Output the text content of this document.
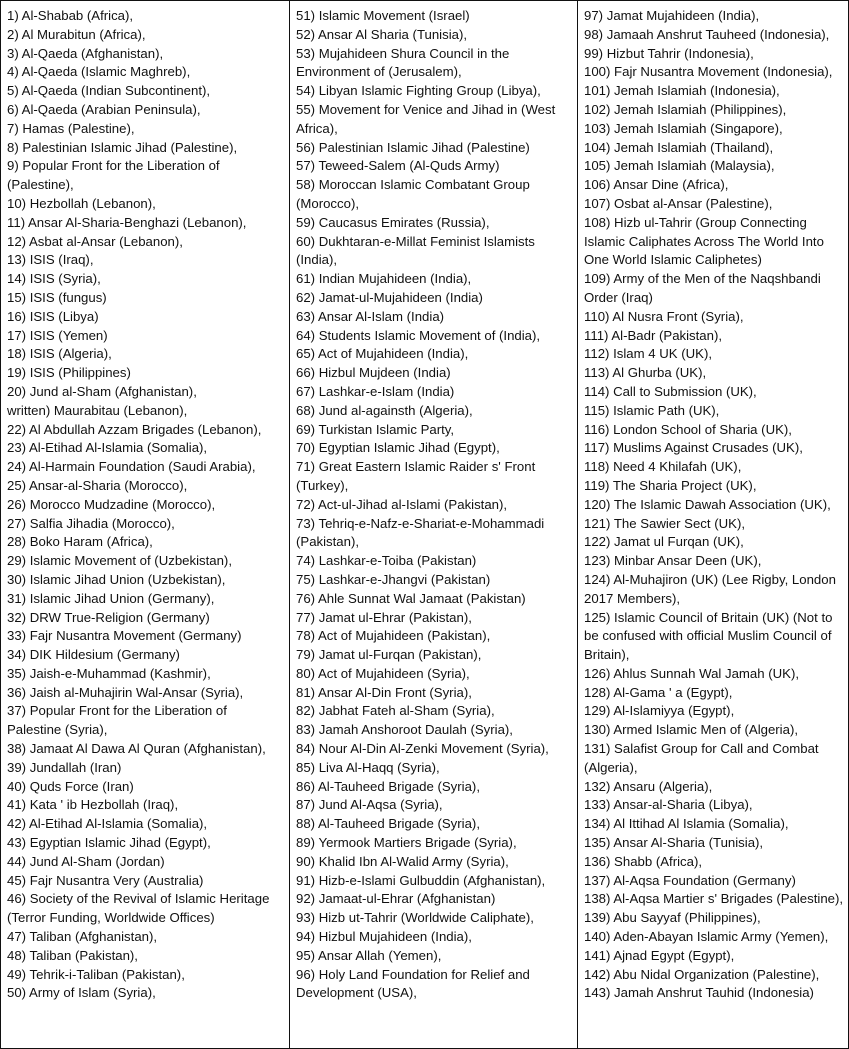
1) Al-Shabab (Africa),
2) Al Murabitun (Africa),
3) Al-Qaeda (Afghanistan),
4) Al-Qaeda (Islamic Maghreb),
5) Al-Qaeda (Indian Subcontinent),
6) Al-Qaeda (Arabian Peninsula),
7) Hamas (Palestine),
8) Palestinian Islamic Jihad (Palestine),
9) Popular Front for the Liberation of (Palestine),
10) Hezbollah (Lebanon),
11) Ansar Al-Sharia-Benghazi (Lebanon),
12) Asbat al-Ansar (Lebanon),
13) ISIS (Iraq),
14) ISIS (Syria),
15) ISIS (fungus)
16) ISIS (Libya)
17) ISIS (Yemen)
18) ISIS (Algeria),
19) ISIS (Philippines)
20) Jund al-Sham (Afghanistan),
written) Maurabitau (Lebanon),
22) Al Abdullah Azzam Brigades (Lebanon),
23) Al-Etihad Al-Islamia (Somalia),
24) Al-Harmain Foundation (Saudi Arabia),
25) Ansar-al-Sharia (Morocco),
26) Morocco Mudzadine (Morocco),
27) Salfia Jihadia (Morocco),
28) Boko Haram (Africa),
29) Islamic Movement of (Uzbekistan),
30) Islamic Jihad Union (Uzbekistan),
31) Islamic Jihad Union (Germany),
32) DRW True-Religion (Germany)
33) Fajr Nusantra Movement (Germany)
34) DIK Hildesium (Germany)
35) Jaish-e-Muhammad (Kashmir),
36) Jaish al-Muhajirin Wal-Ansar (Syria),
37) Popular Front for the Liberation of Palestine (Syria),
38) Jamaat Al Dawa Al Quran (Afghanistan),
39) Jundallah (Iran)
40) Quds Force (Iran)
41) Kata ' ib Hezbollah (Iraq),
42) Al-Etihad Al-Islamia (Somalia),
43) Egyptian Islamic Jihad (Egypt),
44) Jund Al-Sham (Jordan)
45) Fajr Nusantra Very (Australia)
46) Society of the Revival of Islamic Heritage (Terror Funding, Worldwide Offices)
47) Taliban (Afghanistan),
48) Taliban (Pakistan),
49) Tehrik-i-Taliban (Pakistan),
50) Army of Islam (Syria),
51) Islamic Movement (Israel)
52) Ansar Al Sharia (Tunisia),
53) Mujahideen Shura Council in the Environment of (Jerusalem),
54) Libyan Islamic Fighting Group (Libya),
55) Movement for Venice and Jihad in (West Africa),
56) Palestinian Islamic Jihad (Palestine)
57) Teweed-Salem (Al-Quds Army)
58) Moroccan Islamic Combatant Group (Morocco),
59) Caucasus Emirates (Russia),
60) Dukhtaran-e-Millat Feminist Islamists (India),
61) Indian Mujahideen (India),
62) Jamat-ul-Mujahideen (India)
63) Ansar Al-Islam (India)
64) Students Islamic Movement of (India),
65) Act of Mujahideen (India),
66) Hizbul Mujdeen (India)
67) Lashkar-e-Islam (India)
68) Jund al-againsth (Algeria),
69) Turkistan Islamic Party,
70) Egyptian Islamic Jihad (Egypt),
71) Great Eastern Islamic Raider s' Front (Turkey),
72) Act-ul-Jihad al-Islami (Pakistan),
73) Tehriq-e-Nafz-e-Shariat-e-Mohammadi (Pakistan),
74) Lashkar-e-Toiba (Pakistan)
75) Lashkar-e-Jhangvi (Pakistan)
76) Ahle Sunnat Wal Jamaat (Pakistan)
77) Jamat ul-Ehrar (Pakistan),
78) Act of Mujahideen (Pakistan),
79) Jamat ul-Furqan (Pakistan),
80) Act of Mujahideen (Syria),
81) Ansar Al-Din Front (Syria),
82) Jabhat Fateh al-Sham (Syria),
83) Jamah Anshoroot Daulah (Syria),
84) Nour Al-Din Al-Zenki Movement (Syria),
85) Liva Al-Haqq (Syria),
86) Al-Tauheed Brigade (Syria),
87) Jund Al-Aqsa (Syria),
88) Al-Tauheed Brigade (Syria),
89) Yermook Martiers Brigade (Syria),
90) Khalid Ibn Al-Walid Army (Syria),
91) Hizb-e-Islami Gulbuddin (Afghanistan),
92) Jamaat-ul-Ehrar (Afghanistan)
93) Hizb ut-Tahrir (Worldwide Caliphate),
94) Hizbul Mujahideen (India),
95) Ansar Allah (Yemen),
96) Holy Land Foundation for Relief and Development (USA),
97) Jamat Mujahideen (India),
98) Jamaah Anshrut Tauheed (Indonesia),
99) Hizbut Tahrir (Indonesia),
100) Fajr Nusantra Movement (Indonesia),
101) Jemah Islamiah (Indonesia),
102) Jemah Islamiah (Philippines),
103) Jemah Islamiah (Singapore),
104) Jemah Islamiah (Thailand),
105) Jemah Islamiah (Malaysia),
106) Ansar Dine (Africa),
107) Osbat al-Ansar (Palestine),
108) Hizb ul-Tahrir (Group Connecting Islamic Caliphates Across The World Into One World Islamic Caliphetes)
109) Army of the Men of the Naqshbandi Order (Iraq)
110) Al Nusra Front (Syria),
111) Al-Badr (Pakistan),
112) Islam 4 UK (UK),
113) Al Ghurba (UK),
114) Call to Submission (UK),
115) Islamic Path (UK),
116) London School of Sharia (UK),
117) Muslims Against Crusades (UK),
118) Need 4 Khilafah (UK),
119) The Sharia Project (UK),
120) The Islamic Dawah Association (UK),
121) The Sawier Sect (UK),
122) Jamat ul Furqan (UK),
123) Minbar Ansar Deen (UK),
124) Al-Muhajiron (UK) (Lee Rigby, London 2017 Members),
125) Islamic Council of Britain (UK) (Not to be confused with official Muslim Council of Britain),
126) Ahlus Sunnah Wal Jamah (UK),
128) Al-Gama ' a (Egypt),
129) Al-Islamiyya (Egypt),
130) Armed Islamic Men of (Algeria),
131) Salafist Group for Call and Combat (Algeria),
132) Ansaru (Algeria),
133) Ansar-al-Sharia (Libya),
134) Al Ittihad Al Islamia (Somalia),
135) Ansar Al-Sharia (Tunisia),
136) Shabb (Africa),
137) Al-Aqsa Foundation (Germany)
138) Al-Aqsa Martier s' Brigades (Palestine),
139) Abu Sayyaf (Philippines),
140) Aden-Abayan Islamic Army (Yemen),
141) Ajnad Egypt (Egypt),
142) Abu Nidal Organization (Palestine),
143) Jamah Anshrut Tauhid (Indonesia)
